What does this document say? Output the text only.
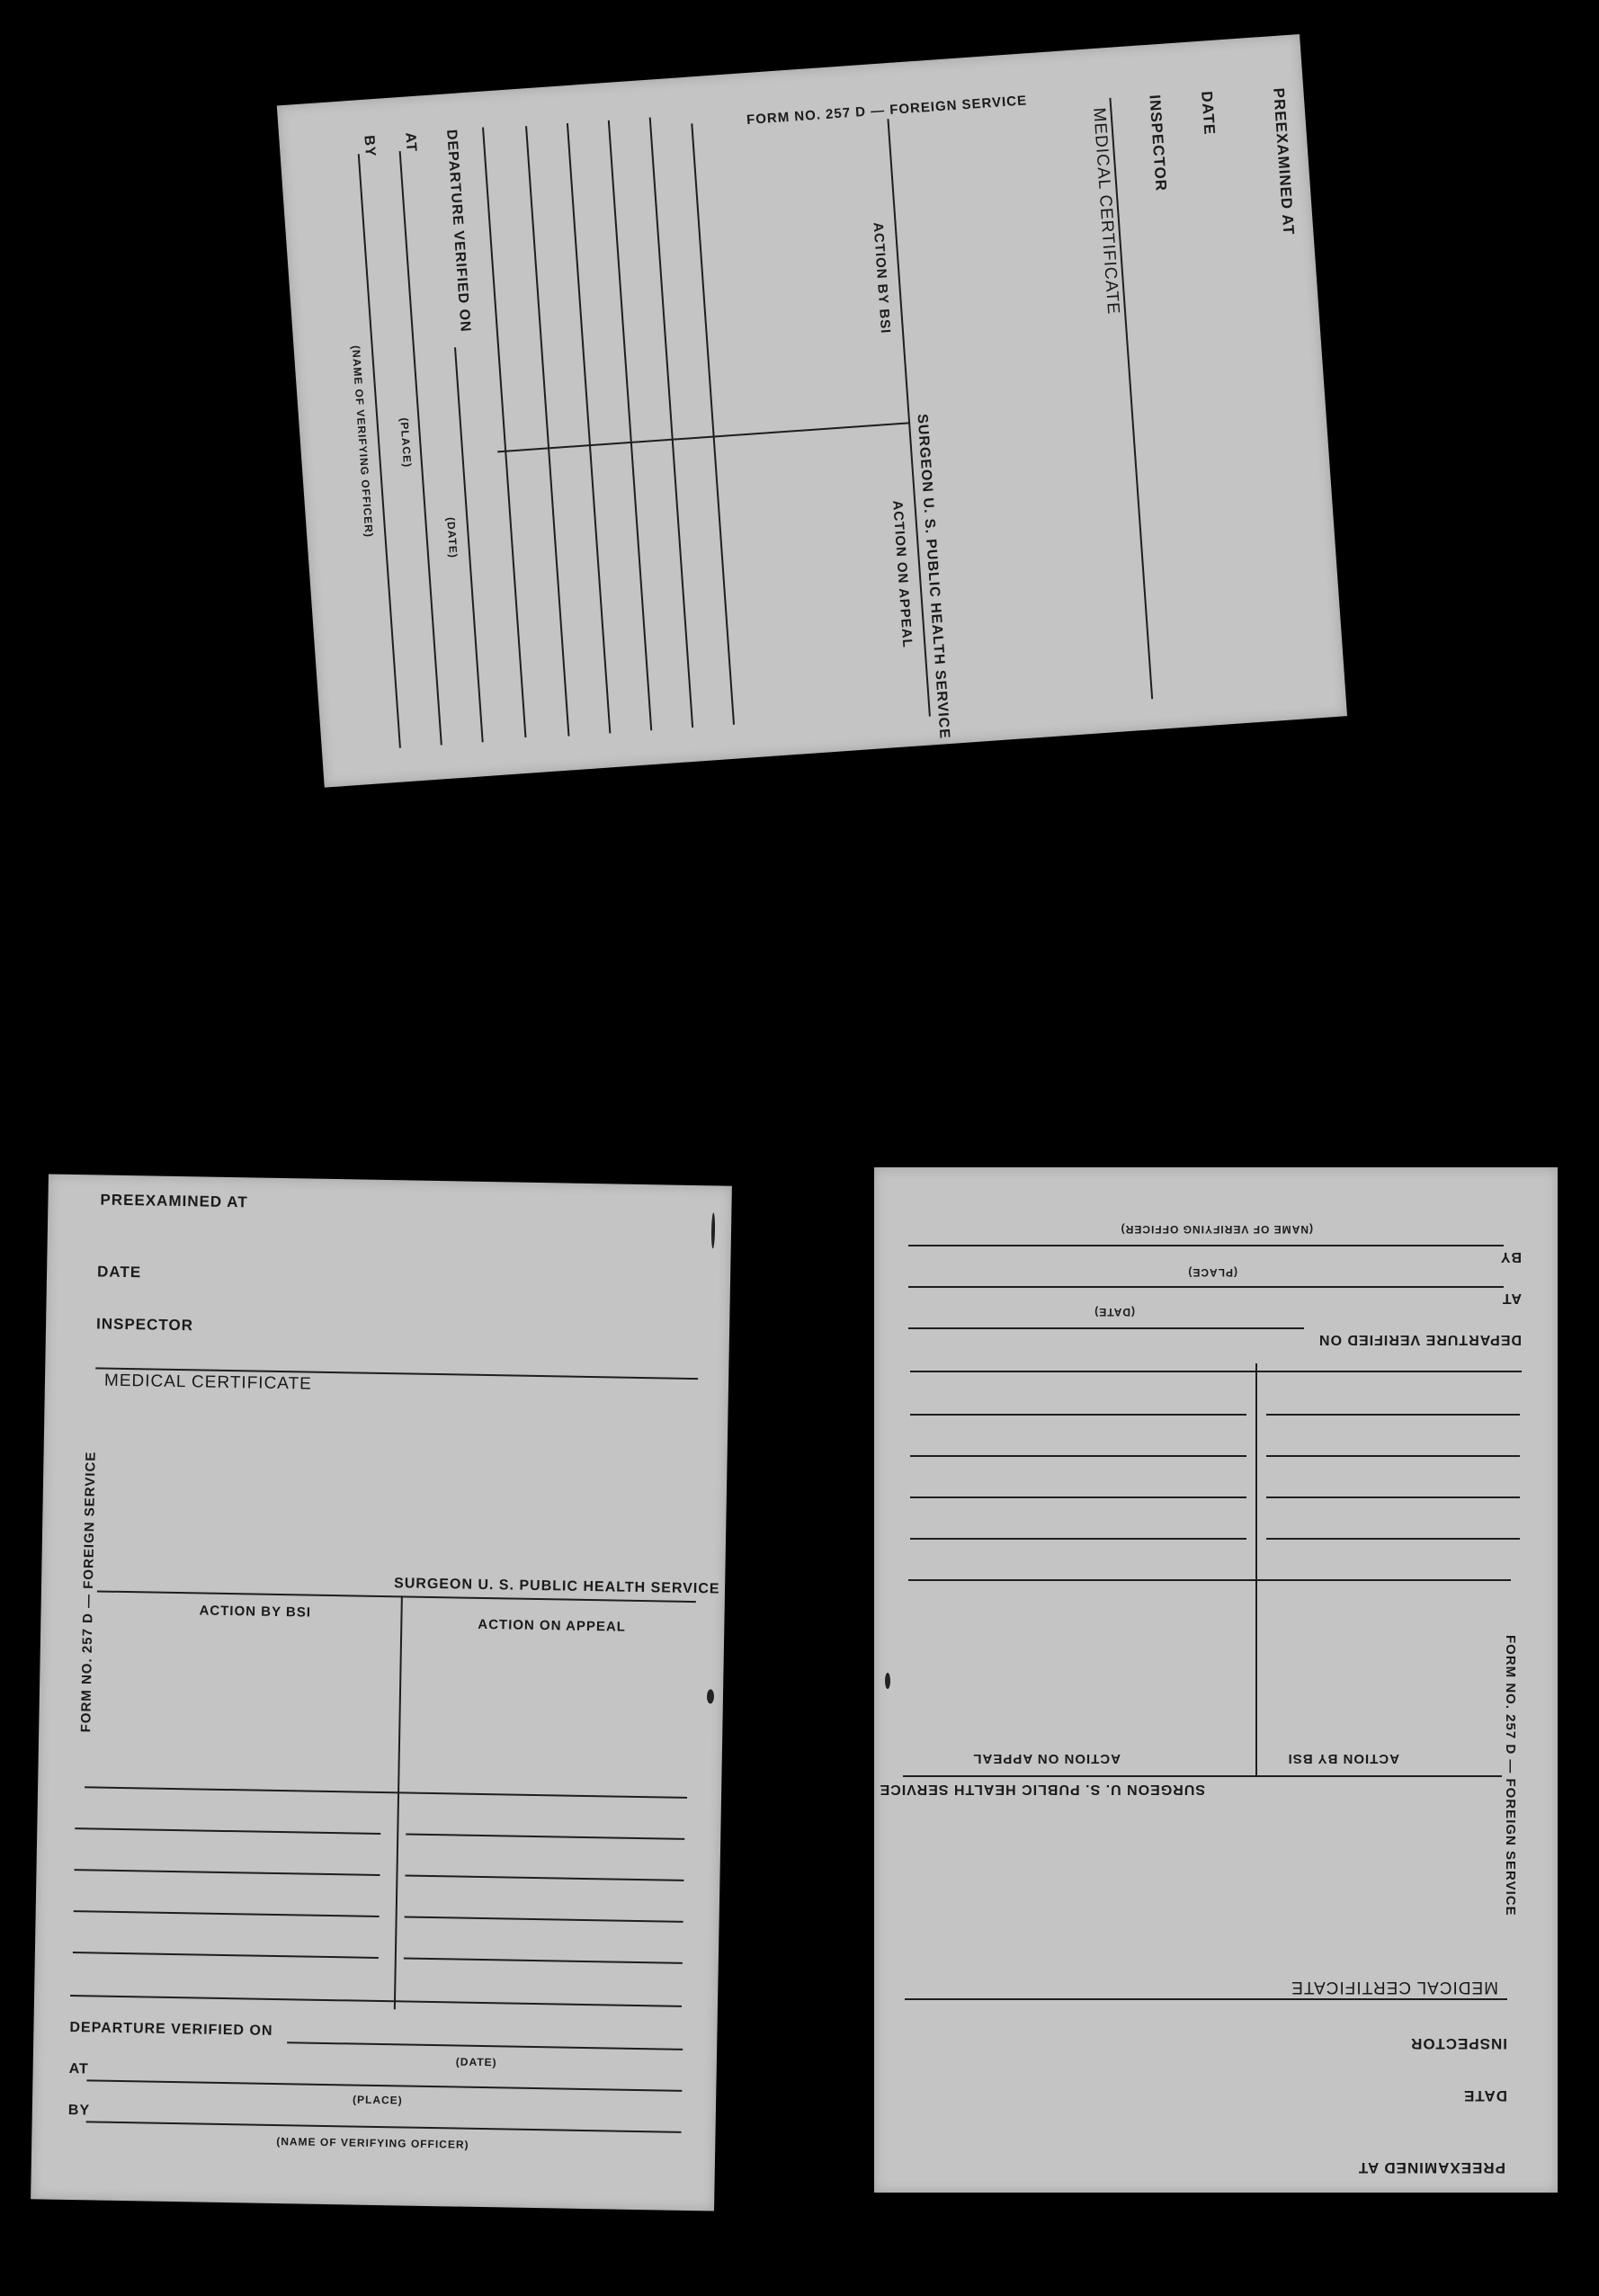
PREEXAMINED AT
DATE
INSPECTOR
MEDICAL CERTIFICATE
FORM NO. 257 D — FOREIGN SERVICE	SURGEON U. S. PUBLIC HEALTH SERVICE
ACTION BY BSI
ACTION ON APPEAL
DEPARTURE VERIFIED ON
(DATE)
AT
(PLACE)
BY
(NAME OF VERIFYING OFFICER)
PREEXAMINED AT
DATE
INSPECTOR
MEDICAL CERTIFICATE
FORM NO. 257 D — FOREIGN SERVICE
SURGEON U. S. PUBLIC HEALTH SERVICE
ACTION BY BSI
ACTION ON APPEAL
DEPARTURE VERIFIED ON
(DATE)
AT
(PLACE)
BY
(NAME OF VERIFYING OFFICER)
PREEXAMINED AT
DATE
INSPECTOR
MEDICAL CERTIFICATE
FORM NO. 257 D — FOREIGN SERVICE
SURGEON U. S. PUBLIC HEALTH SERVICE
ACTION BY BSI
ACTION ON APPEAL
DEPARTURE VERIFIED ON
(DATE)
AT
(PLACE)
BY
(NAME OF VERIFYING OFFICER)
